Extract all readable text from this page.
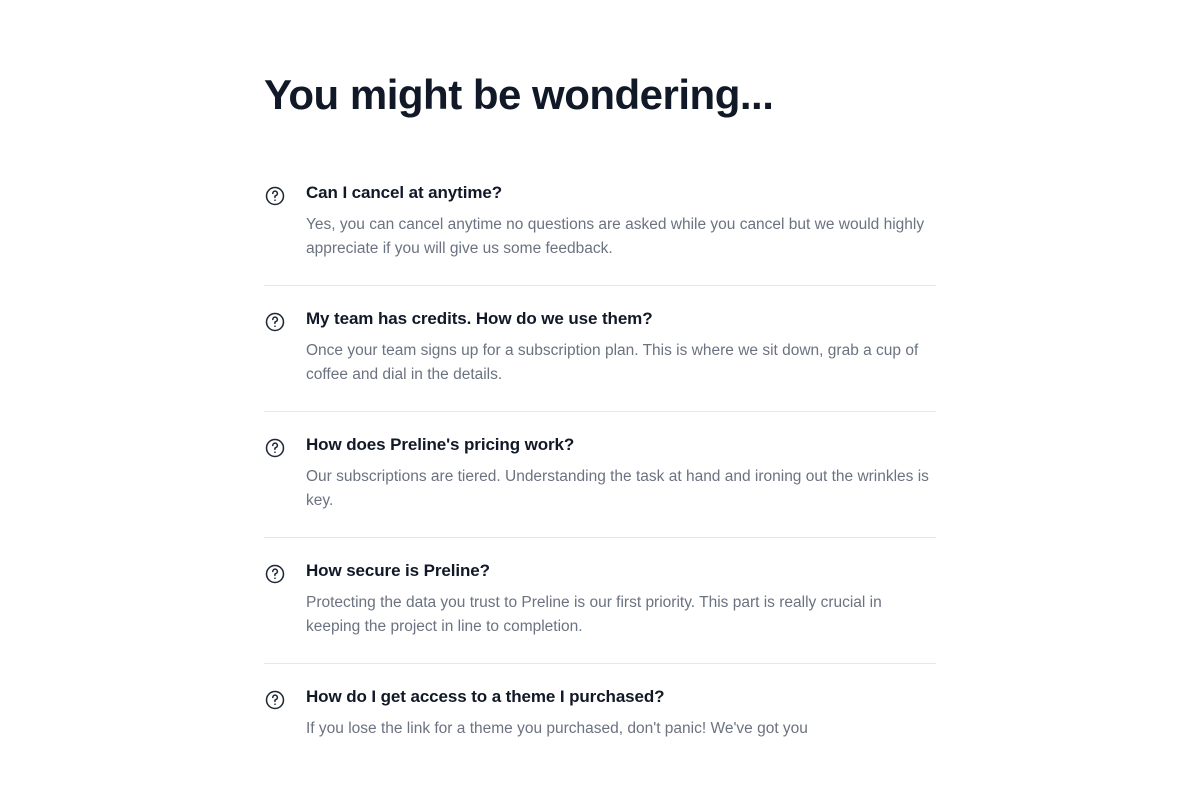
You might be wondering...
Can I cancel at anytime?

Yes, you can cancel anytime no questions are asked while you cancel but we would highly appreciate if you will give us some feedback.

My team has credits. How do we use them?

Once your team signs up for a subscription plan. This is where we sit down, grab a cup of coffee and dial in the details.

How does Preline's pricing work?

Our subscriptions are tiered. Understanding the task at hand and ironing out the wrinkles is key.

How secure is Preline?

Protecting the data you trust to Preline is our first priority. This part is really crucial in keeping the project in line to completion.

How do I get access to a theme I purchased?

If you lose the link for a theme you purchased, don't panic! We've got you
